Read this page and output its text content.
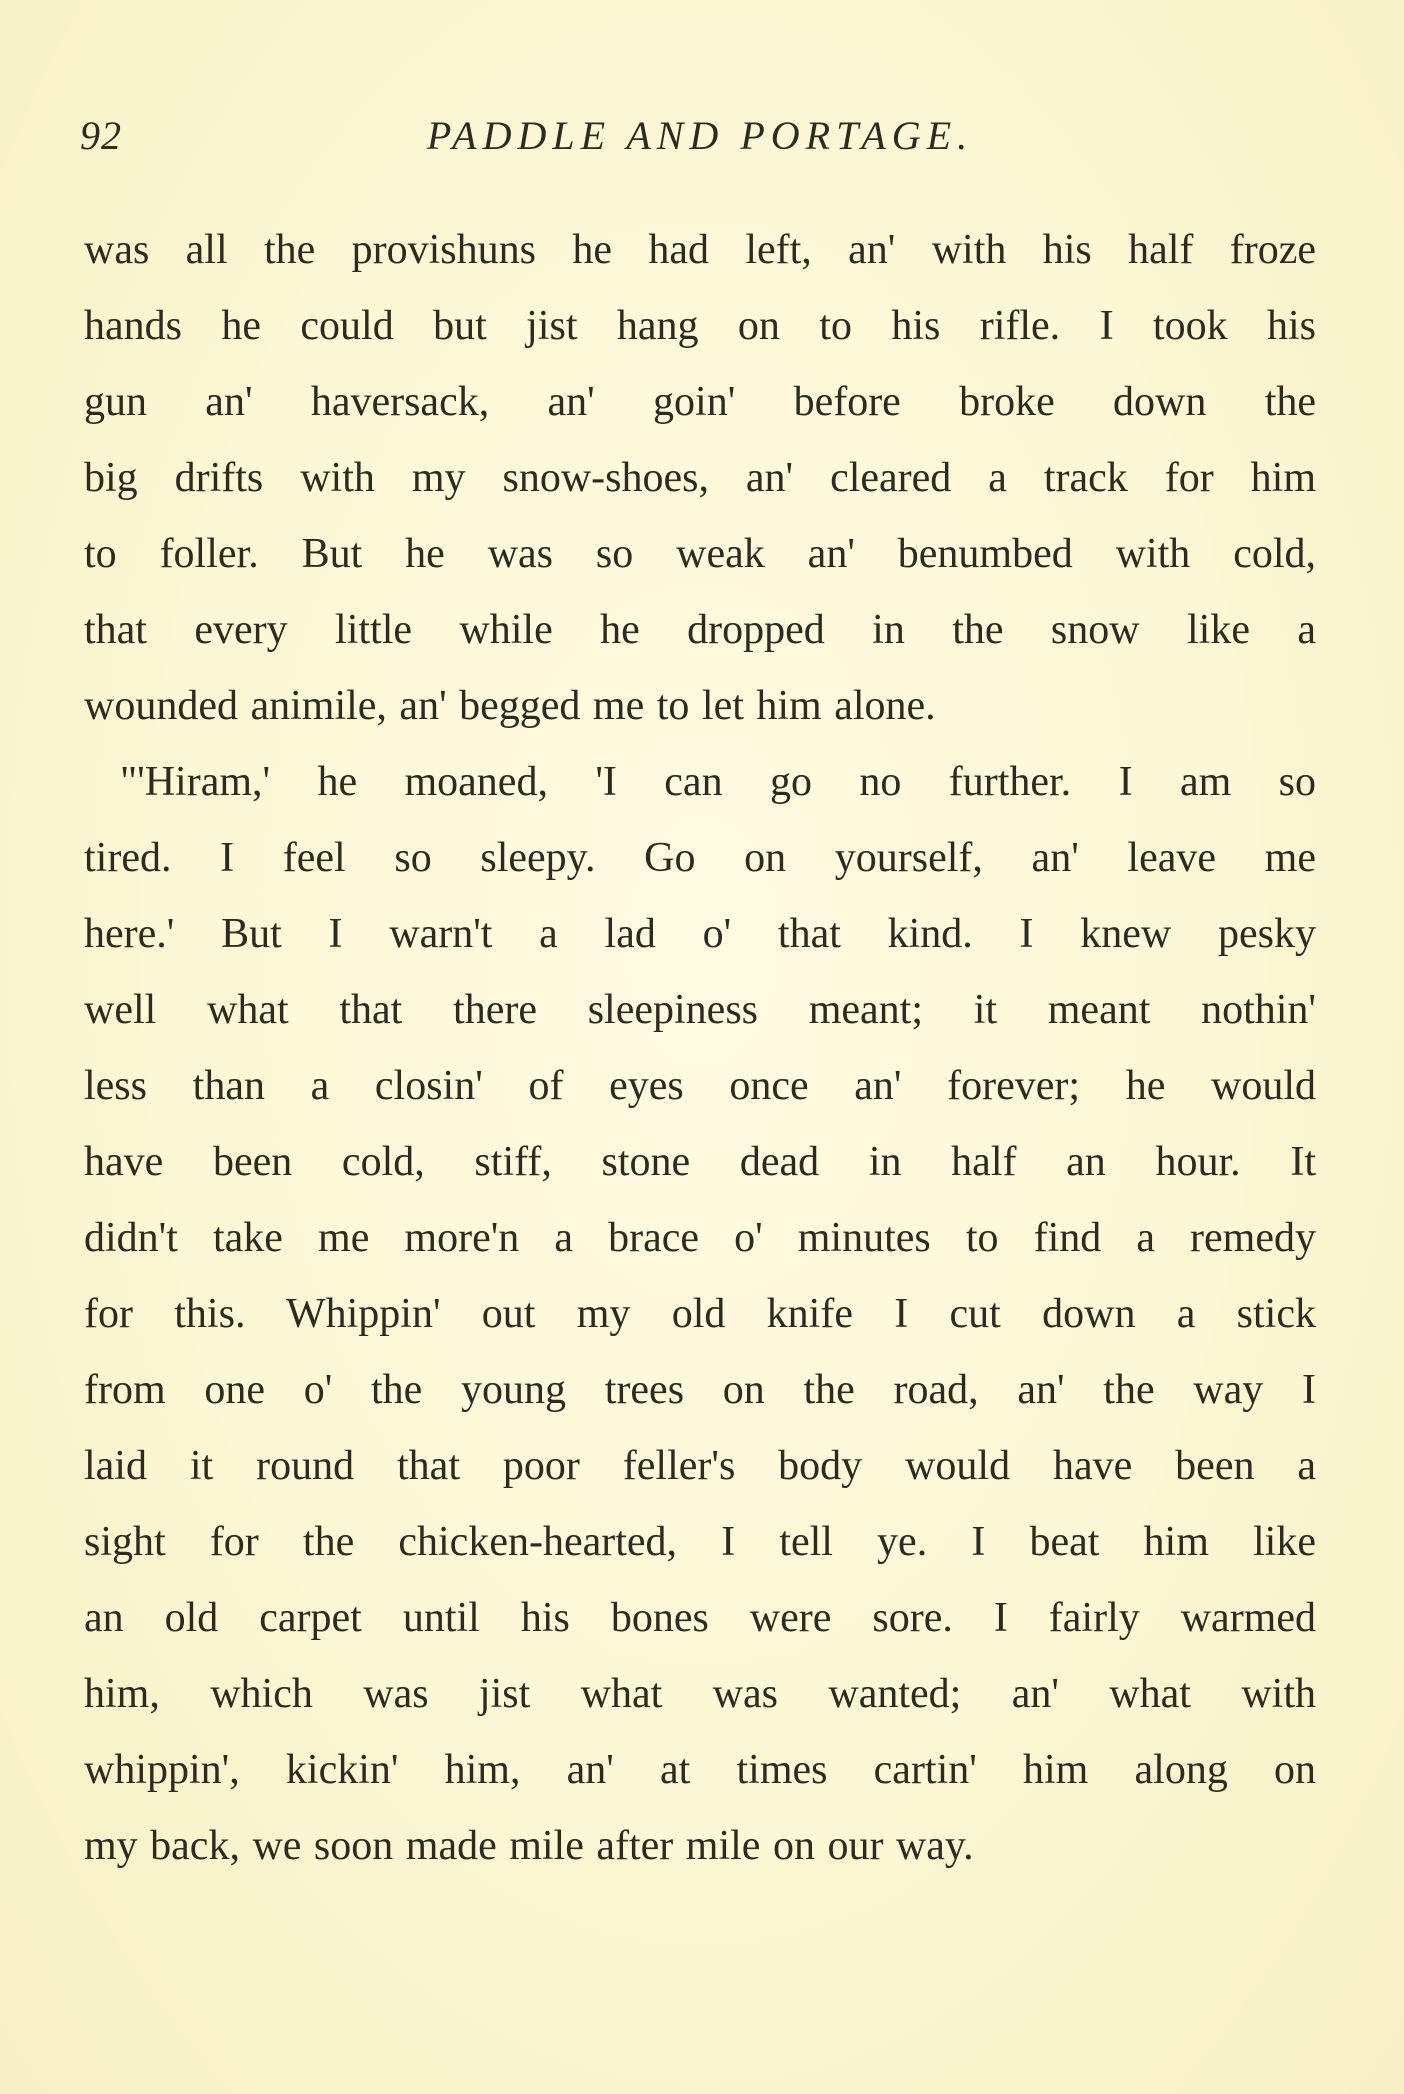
92	PADDLE AND PORTAGE.
was all the provishuns he had left, an' with his half froze
hands he could but jist hang on to his rifle. I took his
gun an' haversack, an' goin' before broke down the
big drifts with my snow-shoes, an' cleared a track for him
to foller. But he was so weak an' benumbed with cold,
that every little while he dropped in the snow like a
wounded animile, an' begged me to let him alone.
"'Hiram,' he moaned, 'I can go no further. I am so
tired. I feel so sleepy. Go on yourself, an' leave me
here.' But I warn't a lad o' that kind. I knew pesky
well what that there sleepiness meant; it meant nothin'
less than a closin' of eyes once an' forever; he would
have been cold, stiff, stone dead in half an hour. It
didn't take me more'n a brace o' minutes to find a remedy
for this. Whippin' out my old knife I cut down a stick
from one o' the young trees on the road, an' the way I
laid it round that poor feller's body would have been a
sight for the chicken-hearted, I tell ye. I beat him like
an old carpet until his bones were sore. I fairly warmed
him, which was jist what was wanted; an' what with
whippin', kickin' him, an' at times cartin' him along on
my back, we soon made mile after mile on our way.
